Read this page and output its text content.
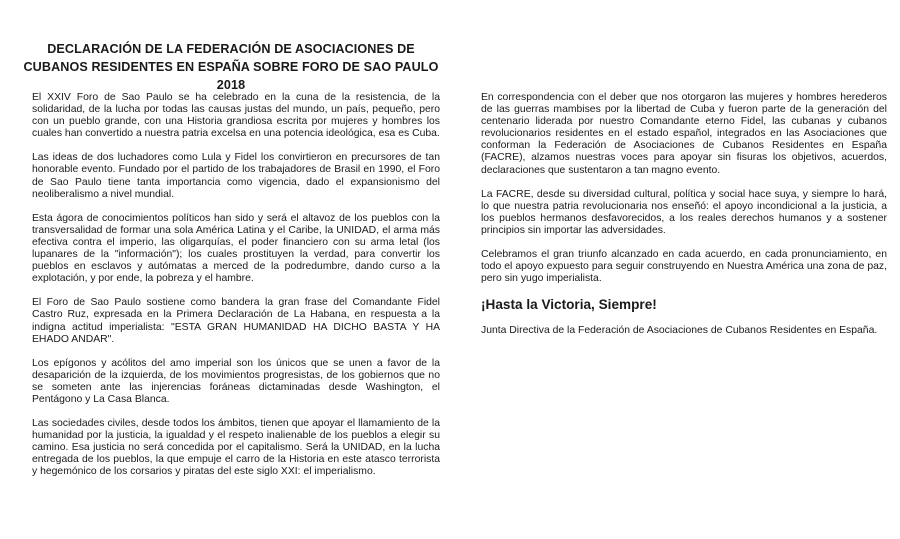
DECLARACIÓN DE LA FEDERACIÓN DE ASOCIACIONES DE CUBANOS RESIDENTES EN ESPAÑA SOBRE FORO DE SAO PAULO 2018

El XXIV Foro de Sao Paulo se ha celebrado en la cuna de la resistencia, de la solidaridad, de la lucha por todas las causas justas del mundo, un país, pequeño, pero con un pueblo grande, con una Historia grandiosa escrita por mujeres y hombres los cuales han convertido a nuestra patria excelsa en una potencia ideológica, esa es Cuba.

Las ideas de dos luchadores como Lula y Fidel los convirtieron en precursores de tan honorable evento. Fundado por el partido de los trabajadores de Brasil en 1990, el Foro de Sao Paulo tiene tanta importancia como vigencia, dado el expansionismo del neoliberalismo a nivel mundial.

Esta ágora de conocimientos políticos han sido y será el altavoz de los pueblos con la transversalidad de formar una sola América Latina y el Caribe, la UNIDAD, el arma más efectiva contra el imperio, las oligarquías, el poder financiero con su arma letal (los lupanares de la "información"); los cuales prostituyen la verdad, para convertir los pueblos en esclavos y autómatas a merced de la podredumbre, dando curso a la explotación, y por ende, la pobreza y el hambre.

El Foro de Sao Paulo sostiene como bandera la gran frase del Comandante Fidel Castro Ruz, expresada en la Primera Declaración de La Habana, en respuesta a la indigna actitud imperialista: "ESTA GRAN HUMANIDAD HA DICHO BASTA Y HA EHADO ANDAR".

Los epígonos y acólitos del amo imperial son los únicos que se unen a favor de la desaparición de la izquierda, de los movimientos progresistas, de los gobiernos que no se someten ante las injerencias foráneas dictaminadas desde Washington, el Pentágono y La Casa Blanca.

Las sociedades civiles, desde todos los ámbitos, tienen que apoyar el llamamiento de la humanidad por la justicia, la igualdad y el respeto inalienable de los pueblos a elegir su camino. Esa justicia no será concedida por el capitalismo. Será la UNIDAD, en la lucha entregada de los pueblos, la que empuje el carro de la Historia en este atasco terrorista y hegemónico de los corsarios y piratas del este siglo XXI: el imperialismo.

En correspondencia con el deber que nos otorgaron las mujeres y hombres herederos de las guerras mambises por la libertad de Cuba y fueron parte de la generación del centenario liderada por nuestro Comandante eterno Fidel, las cubanas y cubanos revolucionarios residentes en el estado español, integrados en las Asociaciones que conforman la Federación de Asociaciones de Cubanos Residentes en España (FACRE), alzamos nuestras voces para apoyar sin fisuras los objetivos, acuerdos, declaraciones que sustentaron a tan magno evento.

La FACRE, desde su diversidad cultural, política y social hace suya, y siempre lo hará, lo que nuestra patria revolucionaria nos enseñó: el apoyo incondicional a la justicia, a los pueblos hermanos desfavorecidos, a los reales derechos humanos y a sostener principios sin importar las adversidades.

Celebramos el gran triunfo alcanzado en cada acuerdo, en cada pronunciamiento, en todo el apoyo expuesto para seguir construyendo en Nuestra América una zona de paz, pero sin yugo imperialista.

¡Hasta la Victoria, Siempre!

Junta Directiva de la Federación de Asociaciones de Cubanos Residentes en España.
